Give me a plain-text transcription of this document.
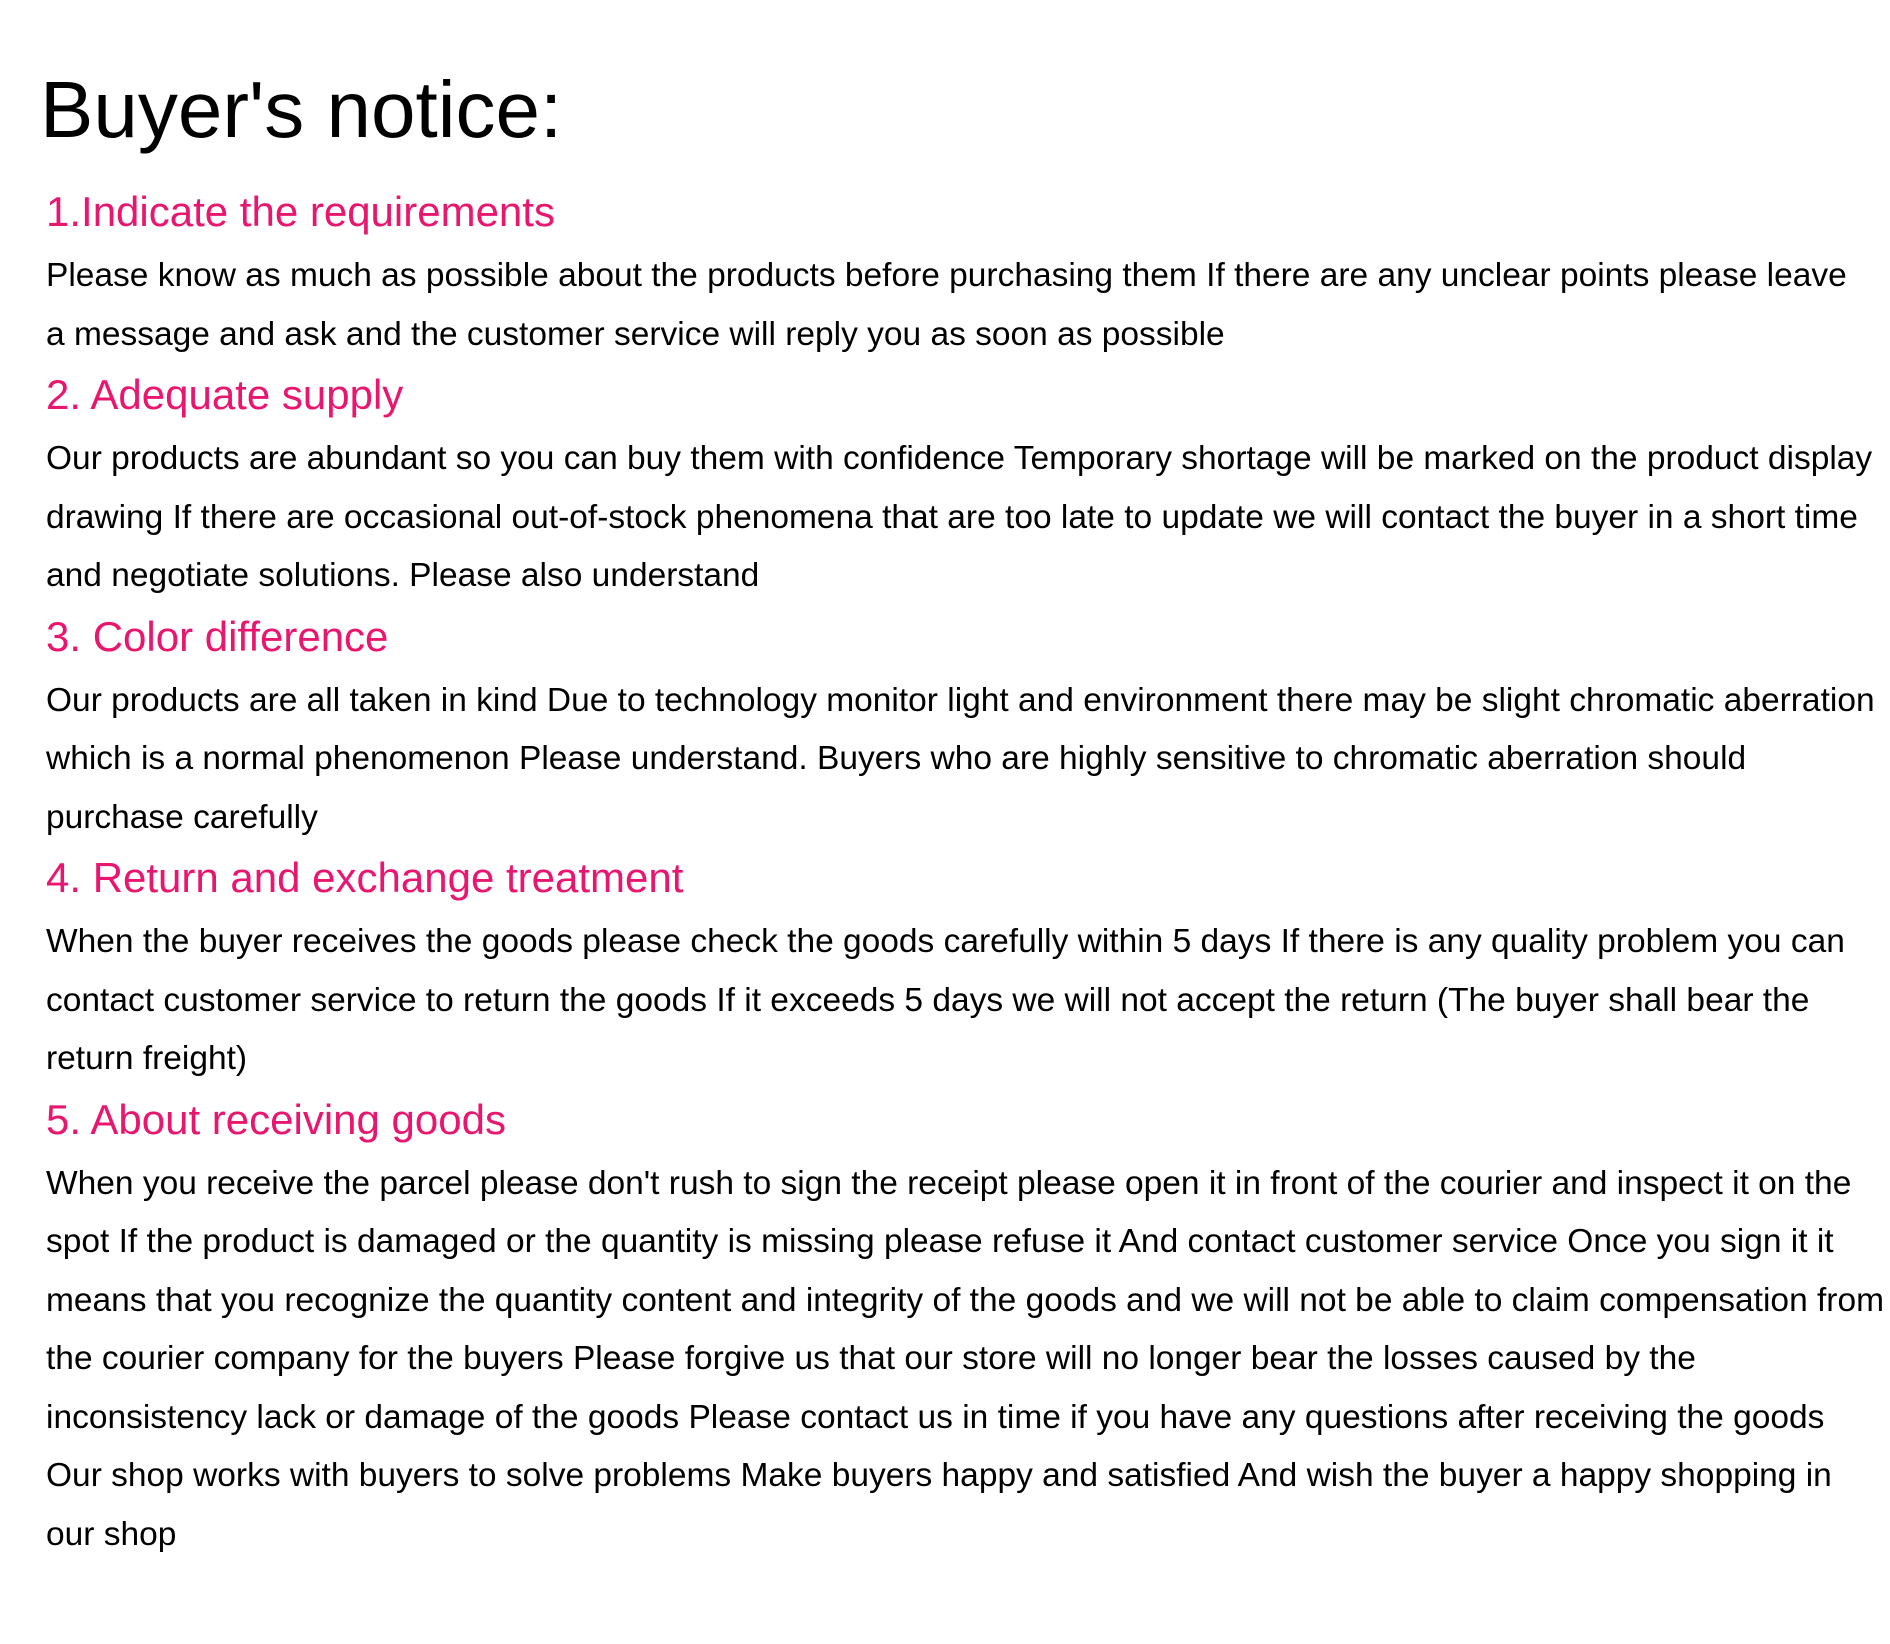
Buyer's notice:
1.Indicate the requirements

Please know as much as possible about the products before purchasing them If there are any unclear points please leave
a message and ask and the customer service will reply you as soon as possible

2. Adequate supply

Our products are abundant so you can buy them with confidence Temporary shortage will be marked on the product display
drawing If there are occasional out-of-stock phenomena that are too late to update we will contact the buyer in a short time
and negotiate solutions. Please also understand

3. Color difference

Our products are all taken in kind Due to technology monitor light and environment there may be slight chromatic aberration
which is a normal phenomenon Please understand. Buyers who are highly sensitive to chromatic aberration should
purchase carefully

4. Return and exchange treatment

When the buyer receives the goods please check the goods carefully within 5 days If there is any quality problem you can
contact customer service to return the goods If it exceeds 5 days we will not accept the return (The buyer shall bear the
return freight)

5. About receiving goods

When you receive the parcel please don't rush to sign the receipt please open it in front of the courier and inspect it on the
spot If the product is damaged or the quantity is missing please refuse it And contact customer service Once you sign it it
means that you recognize the quantity content and integrity of the goods and we will not be able to claim compensation from
the courier company for the buyers Please forgive us that our store will no longer bear the losses caused by the
inconsistency lack or damage of the goods Please contact us in time if you have any questions after receiving the goods
Our shop works with buyers to solve problems Make buyers happy and satisfied And wish the buyer a happy shopping in
our shop
